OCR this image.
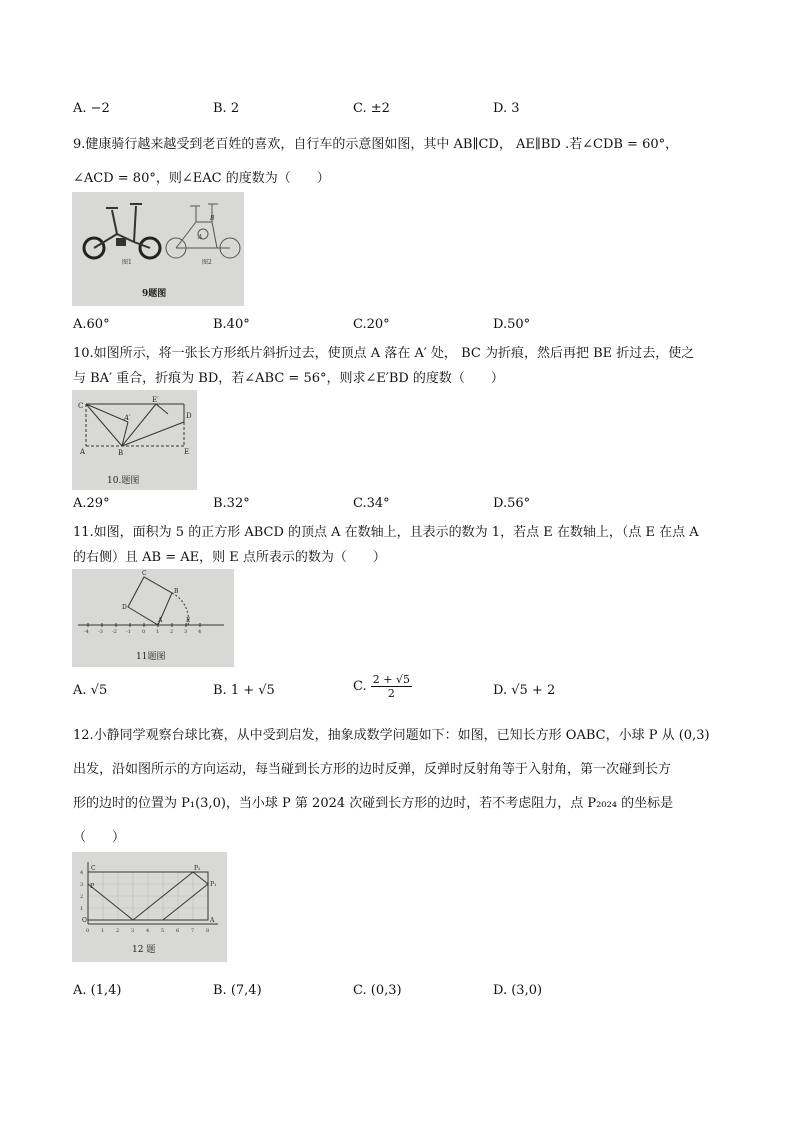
A. −2	B. 2	C. ±2	D. 3
9.健康骑行越来越受到老百姓的喜欢，自行车的示意图如图，其中 AB∥CD， AE∥BD .若∠CDB = 60°，
∠ACD = 80°，则∠EAC 的度数为（　　）
B
A
图1	图2
9题图
A.60°	B.40°	C.20°	D.50°
10.如图所示，将一张长方形纸片斜折过去，使顶点 A 落在 A′ 处， BC 为折痕，然后再把 BE 折过去，使之
与 BA′ 重合，折痕为 BD，若∠ABC = 56°，则求∠E′BD 的度数（　　）
C
A′
E′
D
A	B	E
10.题图
A.29°	B.32°	C.34°	D.56°
11.如图，面积为 5 的正方形 ABCD 的顶点 A 在数轴上，且表示的数为 1，若点 E 在数轴上，（点 E 在点 A
的右侧）且 AB = AE，则 E 点所表示的数为（　　）
-4 -3 -2 -1 0 1 2 3 4
C
B
D
A	E
11题图
A. √5	B. 1 + √5	C. $\frac{2 + √5}{2}$	D. √5 + 2
12.小静同学观察台球比赛，从中受到启发，抽象成数学问题如下：如图，已知长方形 OABC，小球 P 从 (0,3)
出发，沿如图所示的方向运动，每当碰到长方形的边时反弹，反弹时反射角等于入射角，第一次碰到长方
形的边时的位置为 P₁(3,0)，当小球 P 第 2024 次碰到长方形的边时，若不考虑阻力，点 P₂₀₂₄ 的坐标是
（　　）
0 1 2 3 4 5 6 7 8
4
3
2
1
C	P₂
P₁
A
O
P
12 题
A. (1,4)	B. (7,4)	C. (0,3)	D. (3,0)
